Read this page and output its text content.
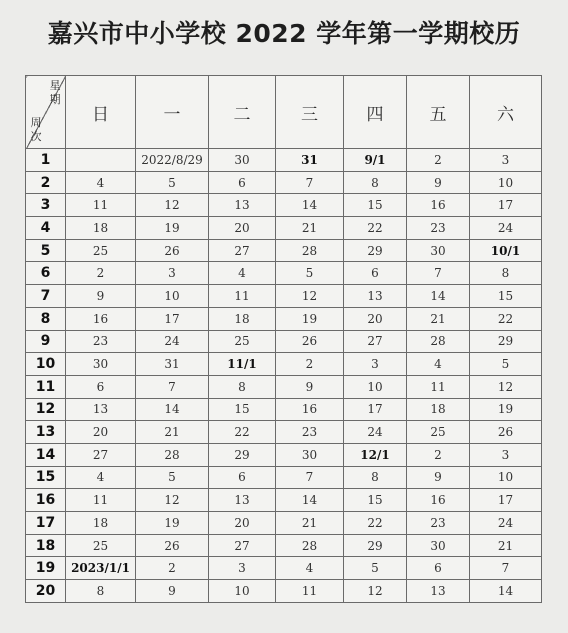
嘉兴市中小学校 2022 学年第一学期校历
星
期
周
次	日	一	二	三	四	五	六
1		2022/8/29	30	31	9/1	2	3
2	4	5	6	7	8	9	10
3	11	12	13	14	15	16	17
4	18	19	20	21	22	23	24
5	25	26	27	28	29	30	10/1
6	2	3	4	5	6	7	8
7	9	10	11	12	13	14	15
8	16	17	18	19	20	21	22
9	23	24	25	26	27	28	29
10	30	31	11/1	2	3	4	5
11	6	7	8	9	10	11	12
12	13	14	15	16	17	18	19
13	20	21	22	23	24	25	26
14	27	28	29	30	12/1	2	3
15	4	5	6	7	8	9	10
16	11	12	13	14	15	16	17
17	18	19	20	21	22	23	24
18	25	26	27	28	29	30	21
19	2023/1/1	2	3	4	5	6	7
20	8	9	10	11	12	13	14
